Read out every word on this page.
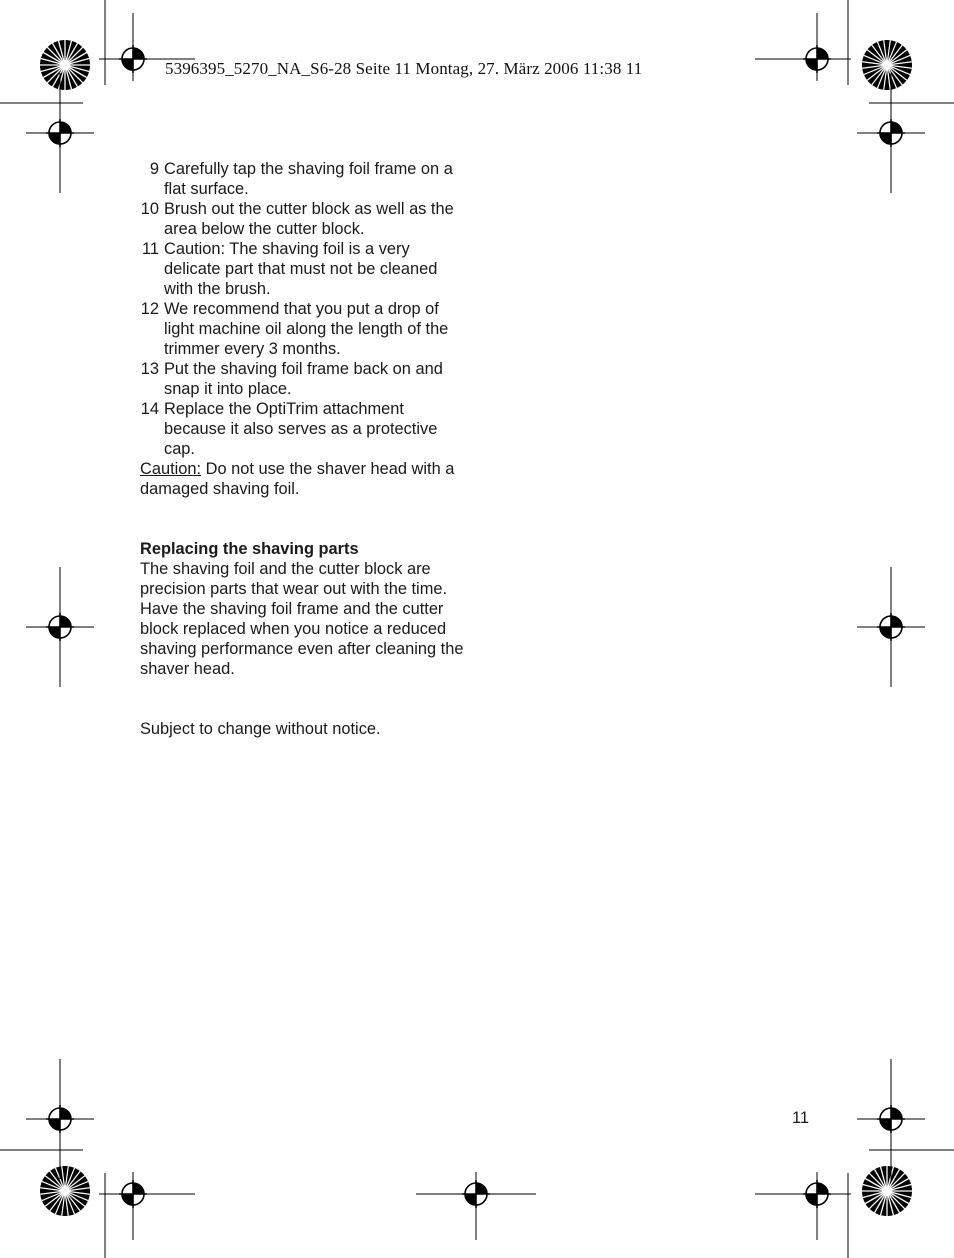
5396395_5270_NA_S6-28 Seite 11 Montag, 27. März 2006 11:38 11
9 Carefully tap the shaving foil frame on a flat surface.
10 Brush out the cutter block as well as the area below the cutter block.
11 Caution: The shaving foil is a very delicate part that must not be cleaned with the brush.
12 We recommend that you put a drop of light machine oil along the length of the trimmer every 3 months.
13 Put the shaving foil frame back on and snap it into place.
14 Replace the OptiTrim attachment because it also serves as a protective cap.
Caution: Do not use the shaver head with a damaged shaving foil.
Replacing the shaving parts
The shaving foil and the cutter block are precision parts that wear out with the time. Have the shaving foil frame and the cutter block replaced when you notice a reduced shaving performance even after cleaning the shaver head.
Subject to change without notice.
11
